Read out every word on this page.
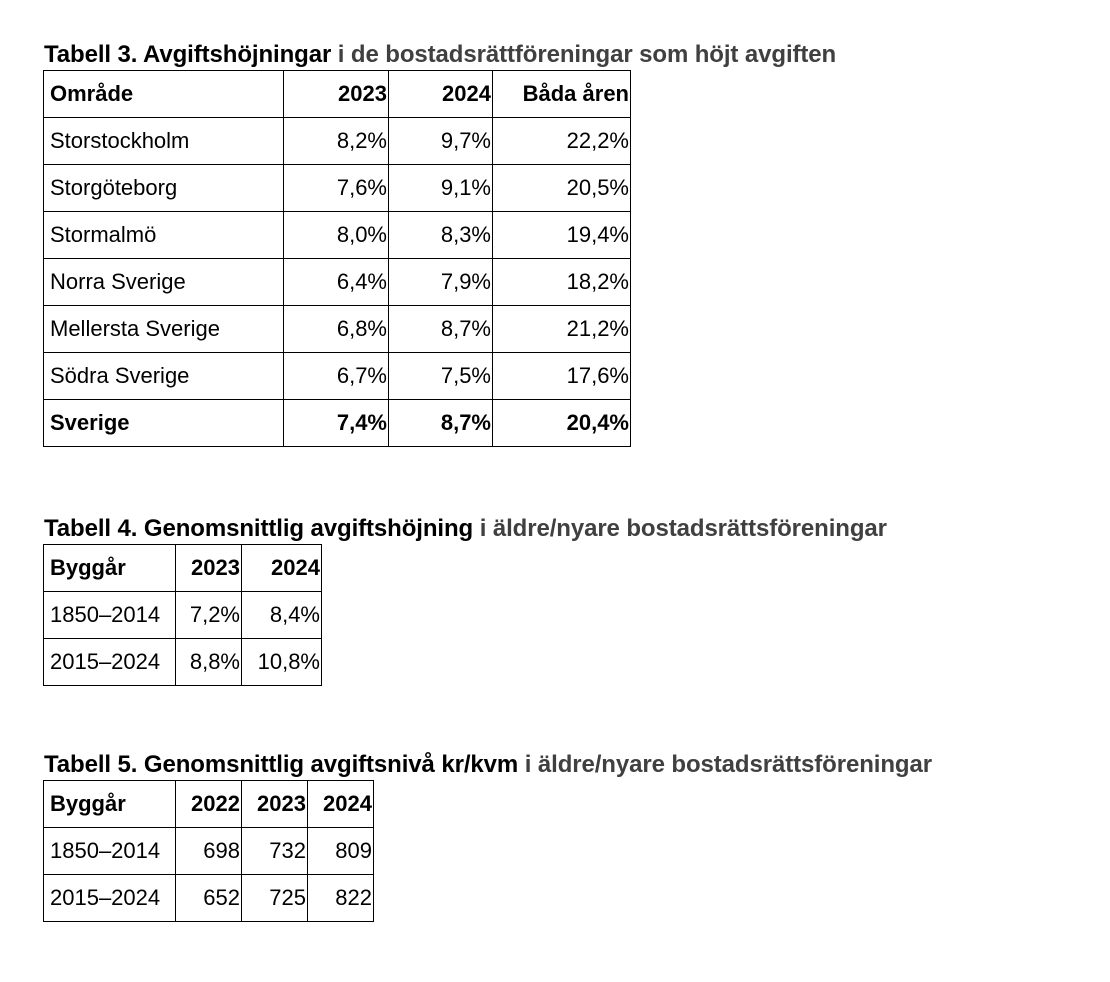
Tabell 3. Avgiftshöjningar i de bostadsrättföreningar som höjt avgiften
Område	2023	2024	Båda åren
Storstockholm	8,2%	9,7%	22,2%
Storgöteborg	7,6%	9,1%	20,5%
Stormalmö	8,0%	8,3%	19,4%
Norra Sverige	6,4%	7,9%	18,2%
Mellersta Sverige	6,8%	8,7%	21,2%
Södra Sverige	6,7%	7,5%	17,6%
Sverige	7,4%	8,7%	20,4%
Tabell 4. Genomsnittlig avgiftshöjning i äldre/nyare bostadsrättsföreningar
Byggår	2023	2024
1850–2014	7,2%	8,4%
2015–2024	8,8%	10,8%
Tabell 5. Genomsnittlig avgiftsnivå kr/kvm i äldre/nyare bostadsrättsföreningar
Byggår	2022	2023	2024
1850–2014	698	732	809
2015–2024	652	725	822
